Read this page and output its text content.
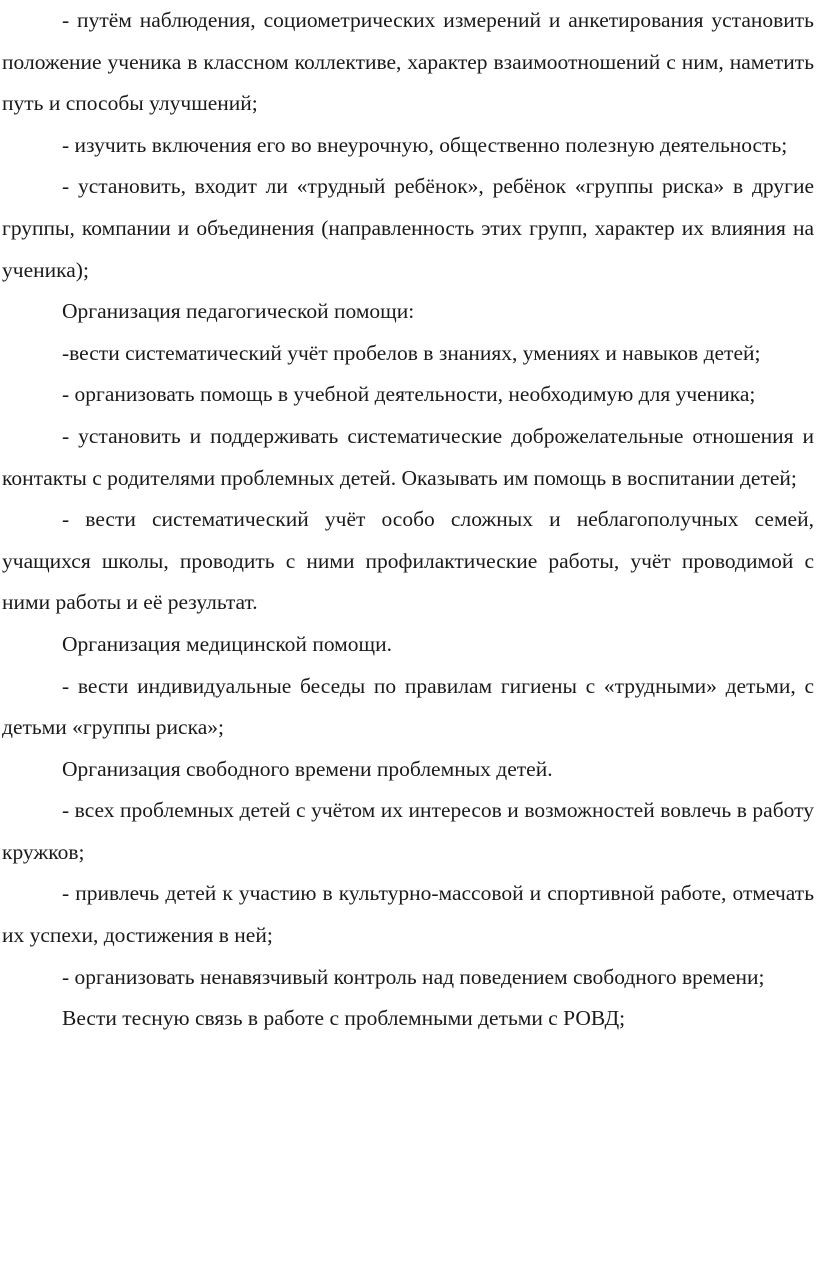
- путём наблюдения, социометрических измерений и анкетирования установить положение ученика в классном коллективе, характер взаимоотношений с ним, наметить путь и способы улучшений;

- изучить включения его во внеурочную, общественно полезную деятельность;

- установить, входит ли «трудный ребёнок», ребёнок «группы риска» в другие группы, компании и объединения (направленность этих групп, характер их влияния на ученика);

Организация педагогической помощи:

-вести систематический учёт пробелов в знаниях, умениях и навыков детей;

- организовать помощь в учебной деятельности, необходимую для ученика;

- установить и поддерживать систематические доброжелательные отношения и контакты с родителями проблемных детей. Оказывать им помощь в воспитании детей;

- вести систематический учёт особо сложных и неблагополучных семей, учащихся школы, проводить с ними профилактические работы, учёт проводимой с ними работы и её результат.

Организация медицинской помощи.

- вести индивидуальные беседы по правилам гигиены с «трудными» детьми, с детьми «группы риска»;

Организация свободного времени проблемных детей.

- всех проблемных детей с учётом их интересов и возможностей вовлечь в работу кружков;

- привлечь детей к участию в культурно-массовой и спортивной работе, отмечать их успехи, достижения в ней;

- организовать ненавязчивый контроль над поведением свободного времени;

Вести тесную связь в работе с проблемными детьми с РОВД;
